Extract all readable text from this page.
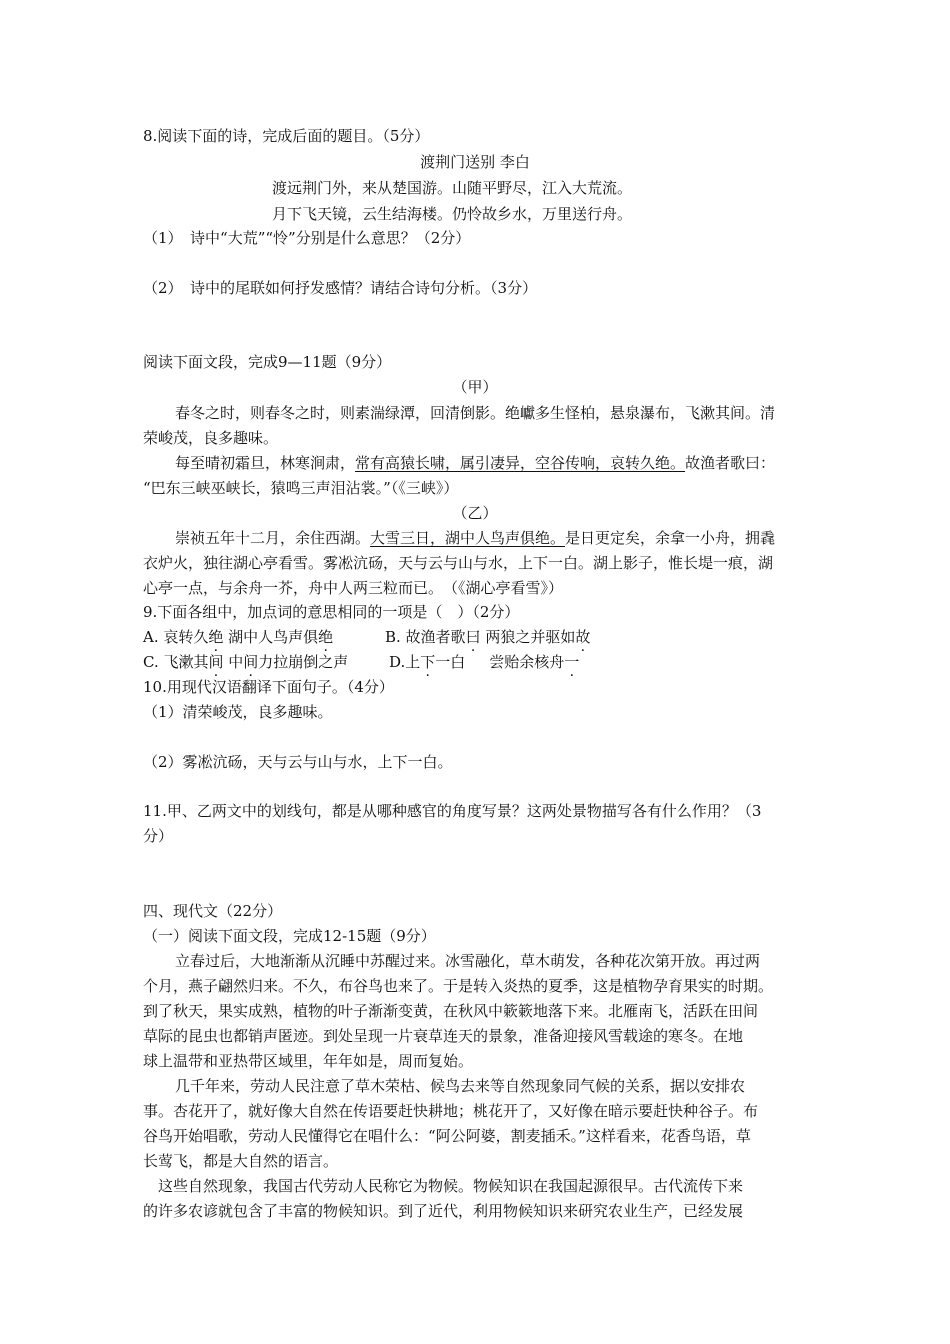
8.阅读下面的诗，完成后面的题目。（5分）
渡荆门送别 李白
渡远荆门外，来从楚国游。山随平野尽，江入大荒流。
月下飞天镜，云生结海楼。仍怜故乡水，万里送行舟。
（1）　诗中“大荒”“怜”分别是什么意思？（2分）
（2）　诗中的尾联如何抒发感情？请结合诗句分析。（3分）
阅读下面文段，完成9—11题（9分）
（甲）
春冬之时，则春冬之时，则素湍绿潭，回清倒影。绝巘多生怪柏，悬泉瀑布，飞漱其间。清
荣峻茂，良多趣味。
每至晴初霜旦，林寒涧肃，常有高猿长啸，属引凄异，空谷传响，哀转久绝。故渔者歌曰：
“巴东三峡巫峡长，猿鸣三声泪沾裳。”（《三峡》）
（乙）
崇祯五年十二月，余住西湖。大雪三日，湖中人鸟声俱绝。是日更定矣，余拿一小舟，拥毳
衣炉火，独往湖心亭看雪。雾凇沆砀，天与云与山与水，上下一白。湖上影子，惟长堤一痕，湖
心亭一点，与余舟一芥，舟中人两三粒而已。　（《湖心亭看雪》）
9.下面各组中，加点词的意思相同的一项是（　）（2分）
A. 哀转久绝 湖中人鸟声俱绝	B. 故渔者歌曰 两狼之并驱如故
C. 飞漱其间 中间力拉崩倒之声	D.上下一白 尝贻余核舟一
10.用现代汉语翻译下面句子。（4分）
（1）清荣峻茂，良多趣味。
（2）雾凇沆砀，天与云与山与水，上下一白。
11.甲、乙两文中的划线句，都是从哪种感官的角度写景？这两处景物描写各有什么作用？（3
分）
四、现代文（22分）
（一）阅读下面文段，完成12-15题（9分）
立春过后，大地渐渐从沉睡中苏醒过来。冰雪融化，草木萌发，各种花次第开放。再过两
个月，燕子翩然归来。不久，布谷鸟也来了。于是转入炎热的夏季，这是植物孕育果实的时期。
到了秋天，果实成熟，植物的叶子渐渐变黄，在秋风中簌簌地落下来。北雁南飞，活跃在田间
草际的昆虫也都销声匿迹。到处呈现一片衰草连天的景象，准备迎接风雪载途的寒冬。在地
球上温带和亚热带区域里，年年如是，周而复始。
几千年来，劳动人民注意了草木荣枯、候鸟去来等自然现象同气候的关系，据以安排农
事。杏花开了，就好像大自然在传语要赶快耕地；桃花开了，又好像在暗示要赶快种谷子。布
谷鸟开始唱歌，劳动人民懂得它在唱什么：“阿公阿婆，割麦插禾。”这样看来，花香鸟语，草
长莺飞，都是大自然的语言。
这些自然现象，我国古代劳动人民称它为物候。物候知识在我国起源很早。古代流传下来
的许多农谚就包含了丰富的物候知识。到了近代，利用物候知识来研究农业生产，已经发展
